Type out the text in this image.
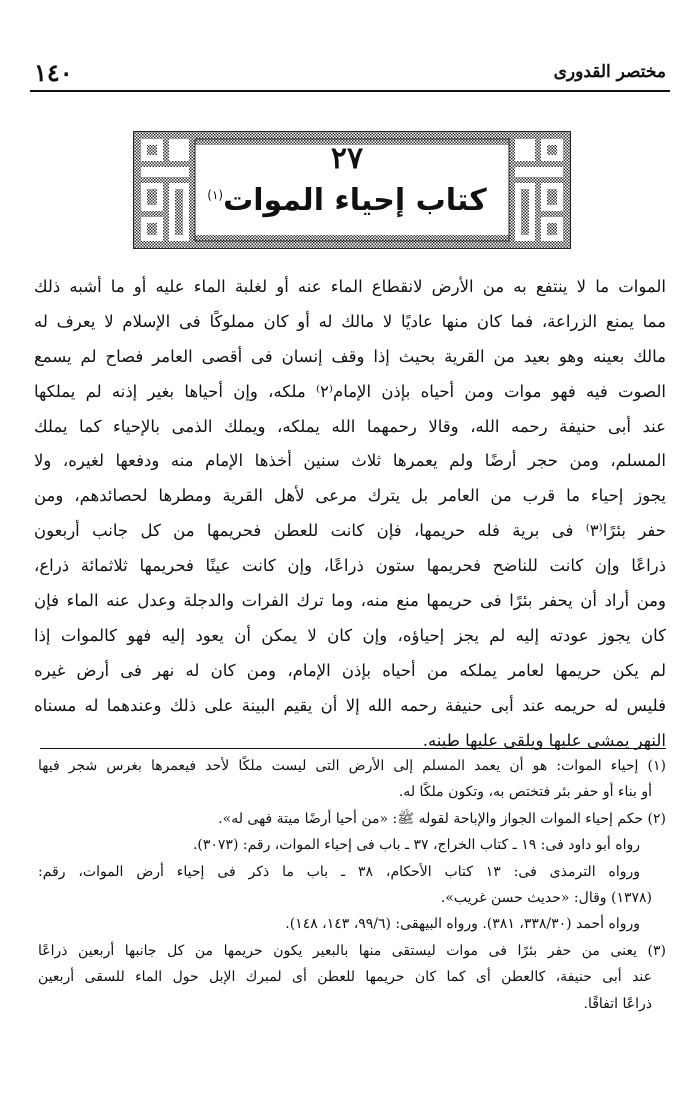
١٤٠	مختصر القدورى
٢٧
كتاب إحياء الموات$^{(١)}$
الموات ما لا ينتفع به من الأرض لانقطاع الماء عنه أو لغلبة الماء عليه أو ما أشبه ذلك
مما يمنع الزراعة، فما كان منها عاديًا لا مالك له أو كان مملوكًا فى الإسلام لا يعرف له
مالك بعينه وهو بعيد من القرية بحيث إذا وقف إنسان فى أقصى العامر فصاح لم يسمع
الصوت فيه فهو موات ومن أحياه بإذن الإمام⁽٢⁾ ملكه، وإن أحياها بغير إذنه لم يملكها
عند أبى حنيفة رحمه الله، وقالا رحمهما الله يملكه، ويملك الذمى بالإحياء كما يملك
المسلم، ومن حجر أرضًا ولم يعمرها ثلاث سنين أخذها الإمام منه ودفعها لغيره، ولا
يجوز إحياء ما قرب من العامر بل يترك مرعى لأهل القرية ومطرها لحصائدهم، ومن
حفر بئرًا⁽٣⁾ فى برية فله حريمها، فإن كانت للعطن فحريمها من كل جانب أربعون
ذراعًا وإن كانت للناضح فحريمها ستون ذراعًا، وإن كانت عينًا فحريمها ثلاثمائة ذراع،
ومن أراد أن يحفر بئرًا فى حريمها منع منه، وما ترك الفرات والدجلة وعدل عنه الماء فإن
كان يجوز عودته إليه لم يجز إحياؤه، وإن كان لا يمكن أن يعود إليه فهو كالموات إذا
لم يكن حريمها لعامر يملكه من أحياه بإذن الإمام، ومن كان له نهر فى أرض غيره
فليس له حريمه عند أبى حنيفة رحمه الله إلا أن يقيم البينة على ذلك وعندهما له مسناه
النهر يمشى عليها ويلقى عليها طينه.
(١) إحياء الموات: هو أن يعمد المسلم إلى الأرض التى ليست ملكًا لأحد فيعمرها بغرس شجر فيها
أو بناء أو حفر بئر فتختص به، وتكون ملكًا له.
(٢) حكم إحياء الموات الجواز والإباحة لقوله ﷺ: «من أحيا أرضًا ميتة فهى له».
رواه أبو داود فى: ١٩ ـ كتاب الخراج، ٣٧ ـ باب فى إحياء الموات، رقم: (٣٠٧٣).
ورواه الترمذى فى: ١٣ كتاب الأحكام، ٣٨ ـ باب ما ذكر فى إحياء أرض الموات، رقم:
(١٣٧٨) وقال: «حديث حسن غريب».
ورواه أحمد (٣٣٨/٣٠، ٣٨١). ورواه البيهقى: (٩٩/٦، ١٤٣، ١٤٨).
(٣) يعنى من حفر بئرًا فى موات ليستقى منها بالبعير يكون حريمها من كل جانبها أربعين ذراعًا
عند أبى حنيفة، كالعطن أى كما كان حريمها للعطن أى لمبرك الإبل حول الماء للسقى أربعين
ذراعًا اتفاقًا.
